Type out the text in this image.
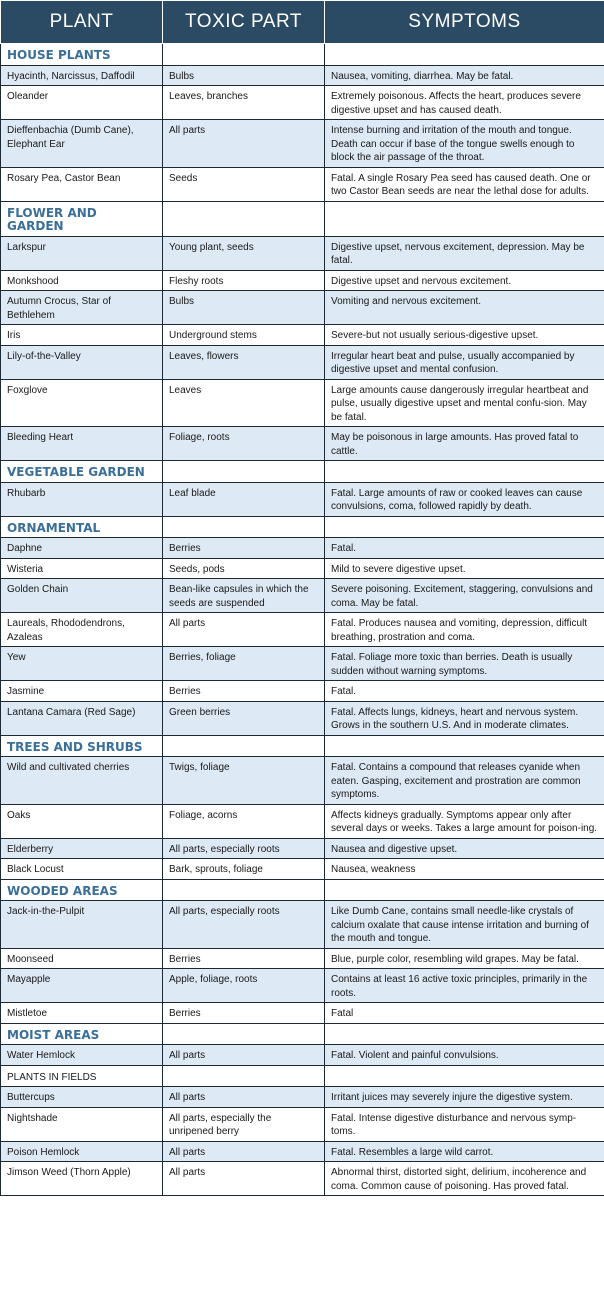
PLANT	TOXIC PART	SYMPTOMS
HOUSE PLANTS		
Hyacinth, Narcissus, Daffodil	Bulbs	Nausea, vomiting, diarrhea. May be fatal.
Oleander	Leaves, branches	Extremely poisonous. Affects the heart, produces severe digestive upset and has caused death.
Dieffenbachia (Dumb Cane), Elephant Ear	All parts	Intense burning and irritation of the mouth and tongue. Death can occur if base of the tongue swells enough to block the air passage of the throat.
Rosary Pea, Castor Bean	Seeds	Fatal. A single Rosary Pea seed has caused death. One or two Castor Bean seeds are near the lethal dose for adults.
FLOWER AND GARDEN		
Larkspur	Young plant, seeds	Digestive upset, nervous excitement, depression. May be fatal.
Monkshood	Fleshy roots	Digestive upset and nervous excitement.
Autumn Crocus, Star of Bethlehem	Bulbs	Vomiting and nervous excitement.
Iris	Underground stems	Severe-but not usually serious-digestive upset.
Lily-of-the-Valley	Leaves, flowers	Irregular heart beat and pulse, usually accompanied by digestive upset and mental confusion.
Foxglove	Leaves	Large amounts cause dangerously irregular heartbeat and pulse, usually digestive upset and mental confu-sion. May be fatal.
Bleeding Heart	Foliage, roots	May be poisonous in large amounts. Has proved fatal to cattle.
VEGETABLE GARDEN		
Rhubarb	Leaf blade	Fatal. Large amounts of raw or cooked leaves can cause convulsions, coma, followed rapidly by death.
ORNAMENTAL		
Daphne	Berries	Fatal.
Wisteria	Seeds, pods	Mild to severe digestive upset.
Golden Chain	Bean-like capsules in which the seeds are suspended	Severe poisoning. Excitement, staggering, convulsions and coma. May be fatal.
Laureals, Rhododendrons, Azaleas	All parts	Fatal. Produces nausea and vomiting, depression, difficult breathing, prostration and coma.
Yew	Berries, foliage	Fatal. Foliage more toxic than berries. Death is usually sudden without warning symptoms.
Jasmine	Berries	Fatal.
Lantana Camara (Red Sage)	Green berries	Fatal. Affects lungs, kidneys, heart and nervous system. Grows in the southern U.S. And in moderate climates.
TREES AND SHRUBS		
Wild and cultivated cherries	Twigs, foliage	Fatal. Contains a compound that releases cyanide when eaten. Gasping, excitement and prostration are common symptoms.
Oaks	Foliage, acorns	Affects kidneys gradually. Symptoms appear only after several days or weeks. Takes a large amount for poison-ing.
Elderberry	All parts, especially roots	Nausea and digestive upset.
Black Locust	Bark, sprouts, foliage	Nausea, weakness
WOODED AREAS		
Jack-in-the-Pulpit	All parts, especially roots	Like Dumb Cane, contains small needle-like crystals of calcium oxalate that cause intense irritation and burning of the mouth and tongue.
Moonseed	Berries	Blue, purple color, resembling wild grapes. May be fatal.
Mayapple	Apple, foliage, roots	Contains at least 16 active toxic principles, primarily in the roots.
Mistletoe	Berries	Fatal
MOIST AREAS		
Water Hemlock	All parts	Fatal. Violent and painful convulsions.
PLANTS IN FIELDS		
Buttercups	All parts	Irritant juices may severely injure the digestive system.
Nightshade	All parts, especially the unripened berry	Fatal. Intense digestive disturbance and nervous symp-toms.
Poison Hemlock	All parts	Fatal. Resembles a large wild carrot.
Jimson Weed (Thorn Apple)	All parts	Abnormal thirst, distorted sight, delirium, incoherence and coma. Common cause of poisoning. Has proved fatal.
